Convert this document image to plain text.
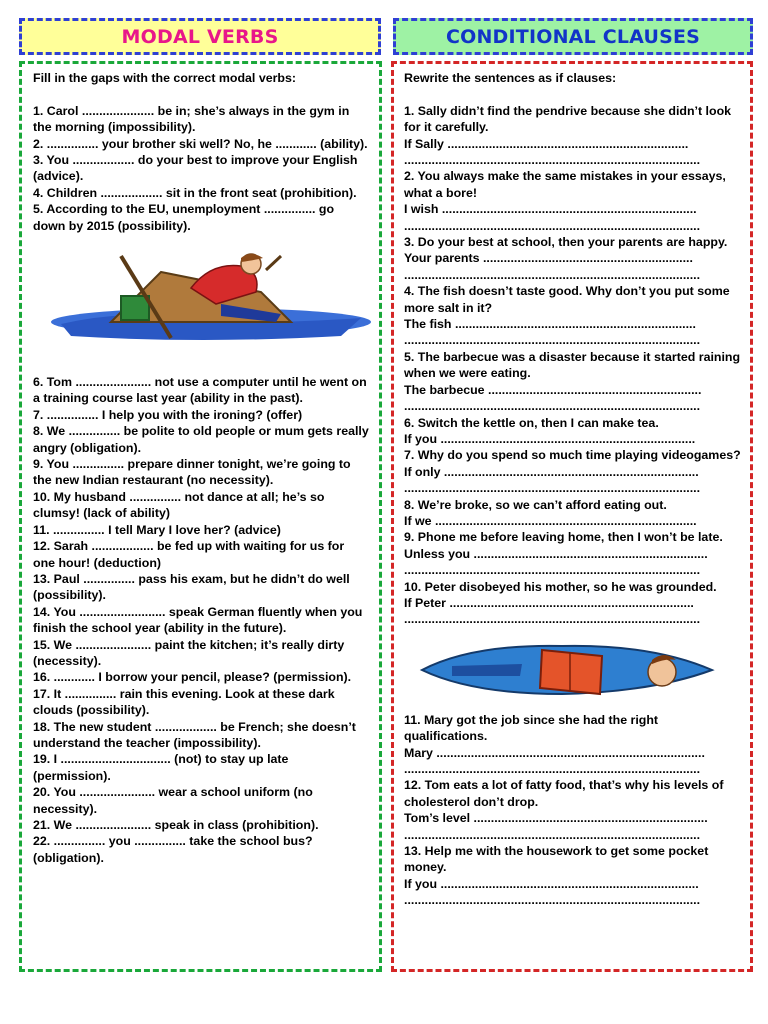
MODAL VERBS	CONDITIONAL CLAUSES
Fill in the gaps with the correct modal verbs:
1. Carol ..................... be in; she’s always in the gym in the morning (impossibility).
2. ............... your brother ski well? No, he ............ (ability).
3. You .................. do your best to improve your English (advice).
4. Children .................. sit in the front seat (prohibition).
5. According to the EU, unemployment ............... go down by 2015 (possibility).
6. Tom ...................... not use a computer until he went on a training course last year (ability in the past).
7. ............... I help you with the ironing? (offer)
8. We ............... be polite to old people or mum gets really angry (obligation).
9. You ............... prepare dinner tonight, we’re going to the new Indian restaurant (no necessity).
10. My husband ............... not dance at all; he’s so clumsy! (lack of ability)
11. ............... I tell Mary I love her? (advice)
12. Sarah .................. be fed up with waiting for us for one hour! (deduction)
13. Paul ............... pass his exam, but he didn’t do well (possibility).
14. You ......................... speak German fluently when you finish the school year (ability in the future).
15. We ...................... paint the kitchen; it’s really dirty (necessity).
16. ............ I borrow your pencil, please? (permission).
17. It ............... rain this evening. Look at these dark clouds (possibility).
18. The new student .................. be French; she doesn’t understand the teacher (impossibility).
19. I ................................ (not) to stay up late (permission).
20. You ...................... wear a school uniform (no necessity).
21. We ...................... speak in class (prohibition).
22. ............... you ............... take the school bus? (obligation).
Rewrite the sentences as if clauses:
1. Sally didn’t find the pendrive because she didn’t look for it carefully.
If Sally ......................................................................
......................................................................................
2. You always make the same mistakes in your essays, what a bore!
I wish ..........................................................................
......................................................................................
3. Do your best at school, then your parents are happy.
Your parents .............................................................
......................................................................................
4. The fish doesn’t taste good. Why don’t you put some more salt in it?
The fish ......................................................................
......................................................................................
5. The barbecue was a disaster because it started raining when we were eating.
The barbecue ..............................................................
......................................................................................
6. Switch the kettle on, then I can make tea.
If you ..........................................................................
7. Why do you spend so much time playing videogames?
If only ..........................................................................
......................................................................................
8. We’re broke, so we can’t afford eating out.
If we ............................................................................
9. Phone me before leaving home, then I won’t be late.
Unless you ....................................................................
......................................................................................
10. Peter disobeyed his mother, so he was grounded.
If Peter .......................................................................
......................................................................................
11. Mary got the job since she had the right qualifications.
Mary ..............................................................................
......................................................................................
12. Tom eats a lot of fatty food, that’s why his levels of cholesterol don’t drop.
Tom’s level ....................................................................
......................................................................................
13. Help me with the housework to get some pocket money.
If you ...........................................................................
......................................................................................
